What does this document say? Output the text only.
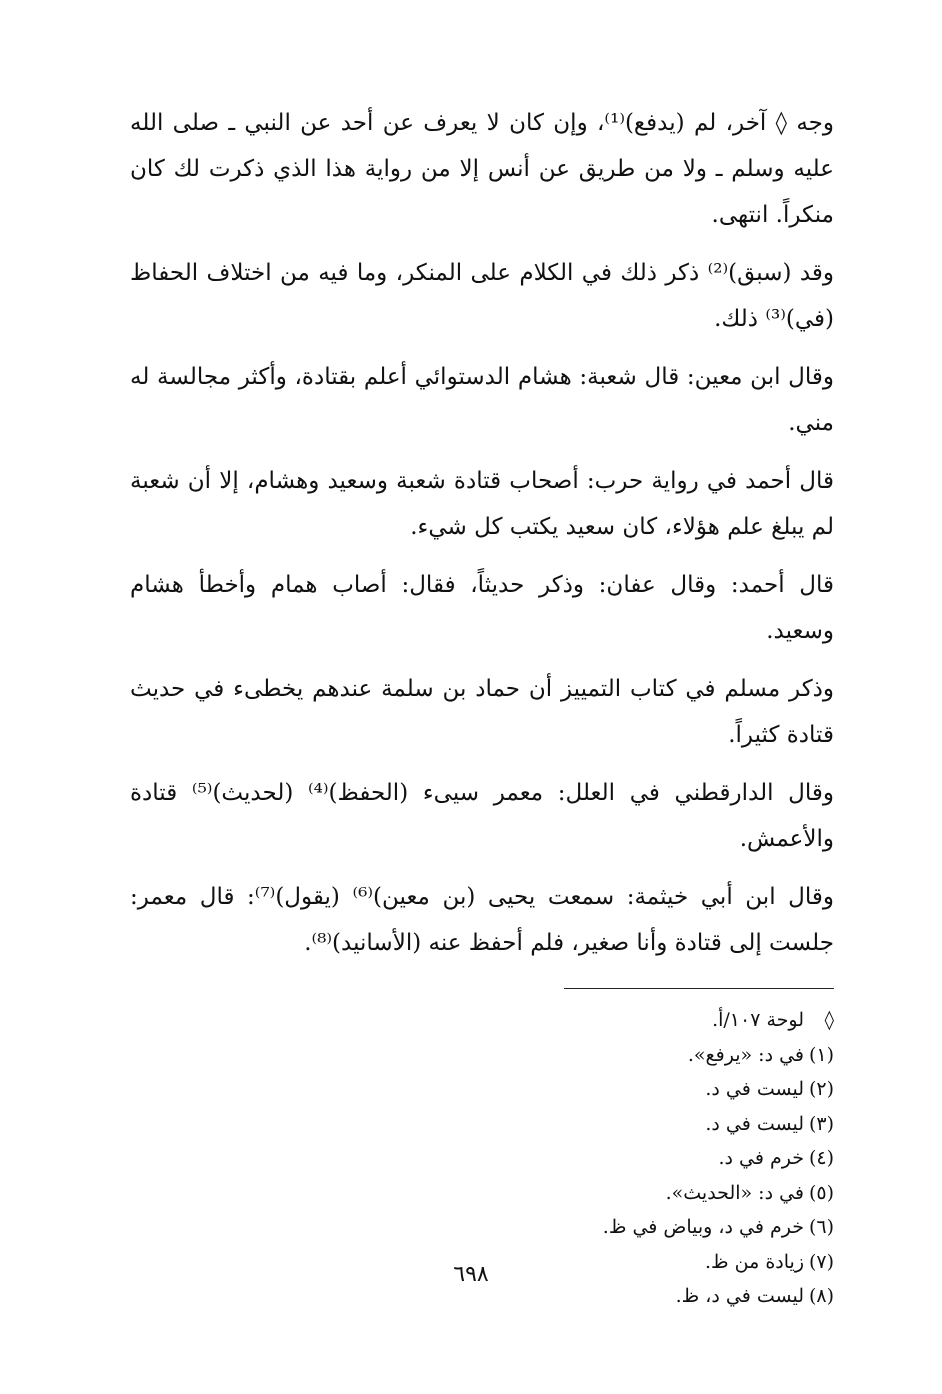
وجه ◊ آخر، لم (يدفع)⁽¹⁾، وإن كان لا يعرف عن أحد عن النبي ـ صلى الله عليه وسلم ـ ولا من طريق عن أنس إلا من رواية هذا الذي ذكرت لك كان منكراً. انتهى.

وقد (سبق)⁽²⁾ ذكر ذلك في الكلام على المنكر، وما فيه من اختلاف الحفاظ (في)⁽³⁾ ذلك.

وقال ابن معين: قال شعبة: هشام الدستوائي أعلم بقتادة، وأكثر مجالسة له مني.

قال أحمد في رواية حرب: أصحاب قتادة شعبة وسعيد وهشام، إلا أن شعبة لم يبلغ علم هؤلاء، كان سعيد يكتب كل شيء.

قال أحمد: وقال عفان: وذكر حديثاً، فقال: أصاب همام وأخطأ هشام وسعيد.

وذكر مسلم في كتاب التمييز أن حماد بن سلمة عندهم يخطىء في حديث قتادة كثيراً.

وقال الدارقطني في العلل: معمر سيىء (الحفظ)⁽⁴⁾ (لحديث)⁽⁵⁾ قتادة والأعمش.

وقال ابن أبي خيثمة: سمعت يحيى (بن معين)⁽⁶⁾ (يقول)⁽⁷⁾: قال معمر: جلست إلى قتادة وأنا صغير، فلم أحفظ عنه (الأسانيد)⁽⁸⁾.

◊لوحة ١٠٧/أ.
(١)في د: «يرفع».
(٢)ليست في د.
(٣)ليست في د.
(٤)خرم في د.
(٥)في د: «الحديث».
(٦)خرم في د، وبياض في ظ.
(٧)زيادة من ظ.
(٨)ليست في د، ظ.
٦٩٨
